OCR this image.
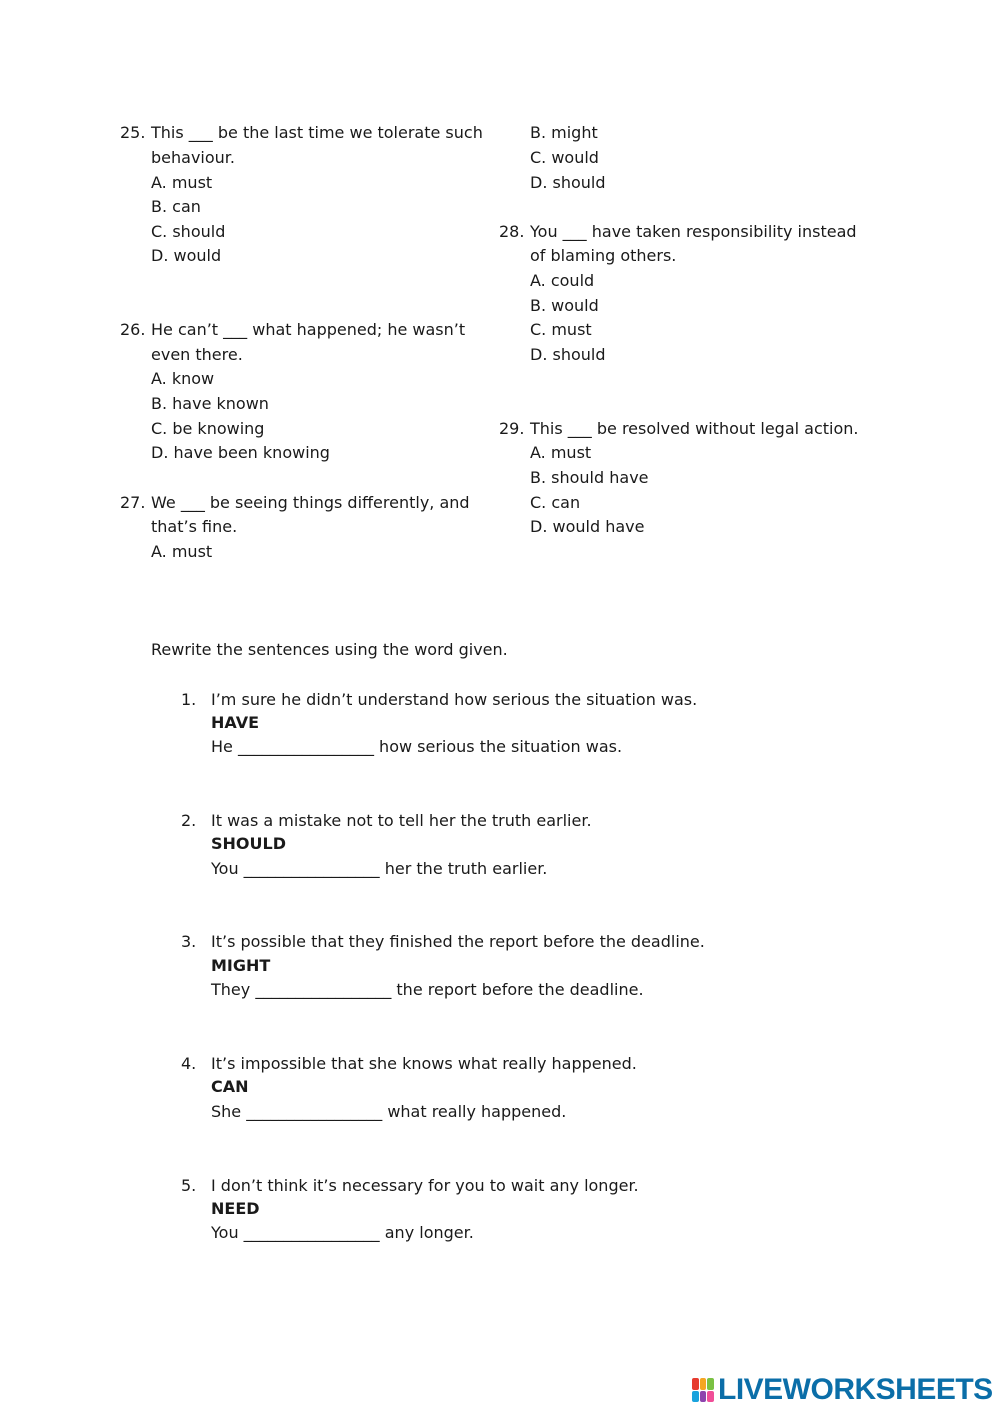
25. This ___ be the last time we tolerate such
behaviour.
A. must
B. can
C. should
D. would
26. He can’t ___ what happened; he wasn’t
even there.
A. know
B. have known
C. be knowing
D. have been knowing
27. We ___ be seeing things differently, and
that’s fine.
A. must
B. might
C. would
D. should
28. You ___ have taken responsibility instead
of blaming others.
A. could
B. would
C. must
D. should
29. This ___ be resolved without legal action.
A. must
B. should have
C. can
D. would have
Rewrite the sentences using the word given.
1. I’m sure he didn’t understand how serious the situation was.
HAVE
He _________________ how serious the situation was.
2. It was a mistake not to tell her the truth earlier.
SHOULD
You _________________ her the truth earlier.
3. It’s possible that they finished the report before the deadline.
MIGHT
They _________________ the report before the deadline.
4. It’s impossible that she knows what really happened.
CAN
She _________________ what really happened.
5. I don’t think it’s necessary for you to wait any longer.
NEED
You _________________ any longer.
LIVEWORKSHEETS
